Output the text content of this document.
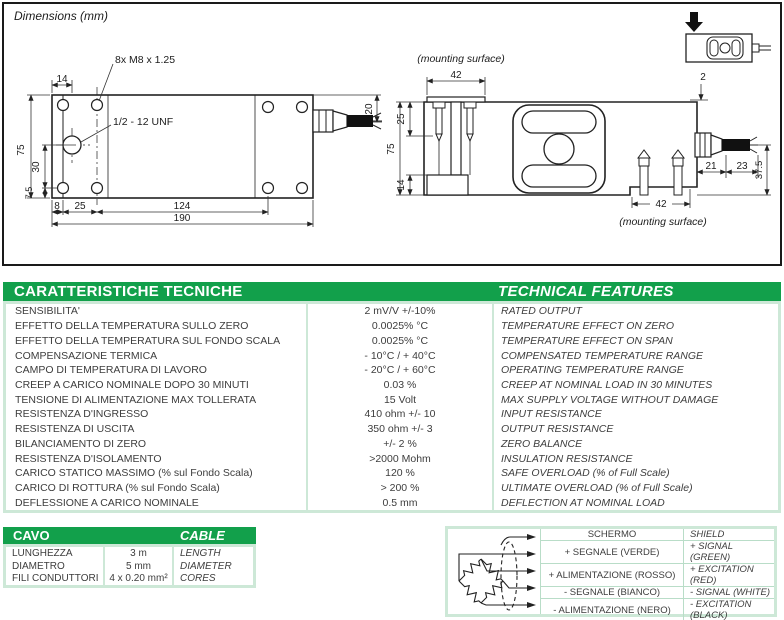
Dimensions (mm)
14
75
30
7.5
8 25	124
190
20
8x M8 x 1.25
1/2 - 12 UNF
42
(mounting surface)
25
75
14
2
21 23 37.5
42
(mounting surface)
CARATTERISTICHE TECNICHE	TECHNICAL FEATURES
SENSIBILITA'	2 mV/V +/-10%	RATED OUTPUT
EFFETTO DELLA TEMPERATURA SULLO ZERO	0.0025% °C	TEMPERATURE EFFECT ON ZERO
EFFETTO DELLA TEMPERATURA SUL FONDO SCALA	0.0025% °C	TEMPERATURE EFFECT ON SPAN
COMPENSAZIONE TERMICA	- 10°C / + 40°C	COMPENSATED TEMPERATURE RANGE
CAMPO DI TEMPERATURA DI LAVORO	- 20°C / + 60°C	OPERATING TEMPERATURE RANGE
CREEP A CARICO NOMINALE DOPO 30 MINUTI	0.03 %	CREEP AT NOMINAL LOAD IN 30 MINUTES
TENSIONE DI ALIMENTAZIONE MAX TOLLERATA	15 Volt	MAX SUPPLY VOLTAGE WITHOUT DAMAGE
RESISTENZA D'INGRESSO	410 ohm +/- 10	INPUT RESISTANCE
RESISTENZA DI USCITA	350 ohm +/- 3	OUTPUT RESISTANCE
BILANCIAMENTO DI ZERO	+/- 2 %	ZERO BALANCE
RESISTENZA D'ISOLAMENTO	>2000 Mohm	INSULATION RESISTANCE
CARICO STATICO MASSIMO (% sul Fondo Scala)	120 %	SAFE OVERLOAD (% of Full Scale)
CARICO DI ROTTURA (% sul Fondo Scala)	> 200 %	ULTIMATE OVERLOAD (% of Full Scale)
DEFLESSIONE A CARICO NOMINALE	0.5 mm	DEFLECTION AT NOMINAL LOAD
CAVO	CABLE
LUNGHEZZA	3 m	LENGTH
DIAMETRO	5 mm	DIAMETER
FILI CONDUTTORI	4 x 0.20 mm²	CORES
SCHERMO	SHIELD
+ SEGNALE (VERDE)	+ SIGNAL (GREEN)
+ ALIMENTAZIONE (ROSSO)	+ EXCITATION (RED)
- SEGNALE (BIANCO)	- SIGNAL (WHITE)
- ALIMENTAZIONE (NERO)	- EXCITATION (BLACK)
